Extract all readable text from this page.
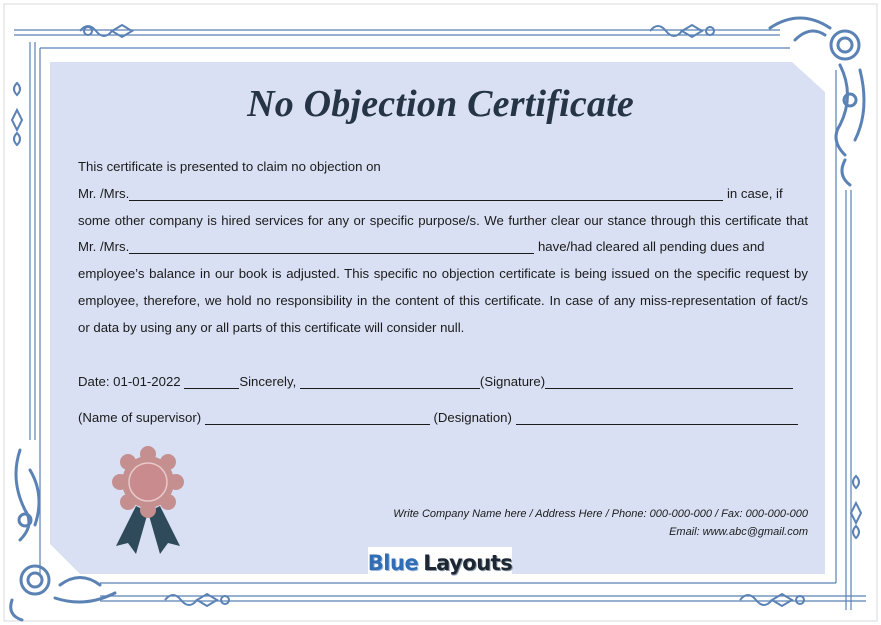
No Objection Certificate
This certificate is presented to claim no objection on
Mr. /Mrs.	in case, if
some other company is hired services for any or specific purpose/s. We further clear our stance through this certificate that
Mr. /Mrs.	have/had cleared all pending dues and
employee’s balance in our book is adjusted. This specific no objection certificate is being issued on the specific request by
employee, therefore, we hold no responsibility in the content of this certificate. In case of any miss-representation of fact/s
or data by using any or all parts of this certificate will consider null.
Date: 01-01-2022	Sincerely,	(Signature)
(Name of supervisor)	(Designation)
Write Company Name here / Address Here / Phone: 000-000-000 / Fax: 000-000-000
Email: www.abc@gmail.com
Blue Layouts
